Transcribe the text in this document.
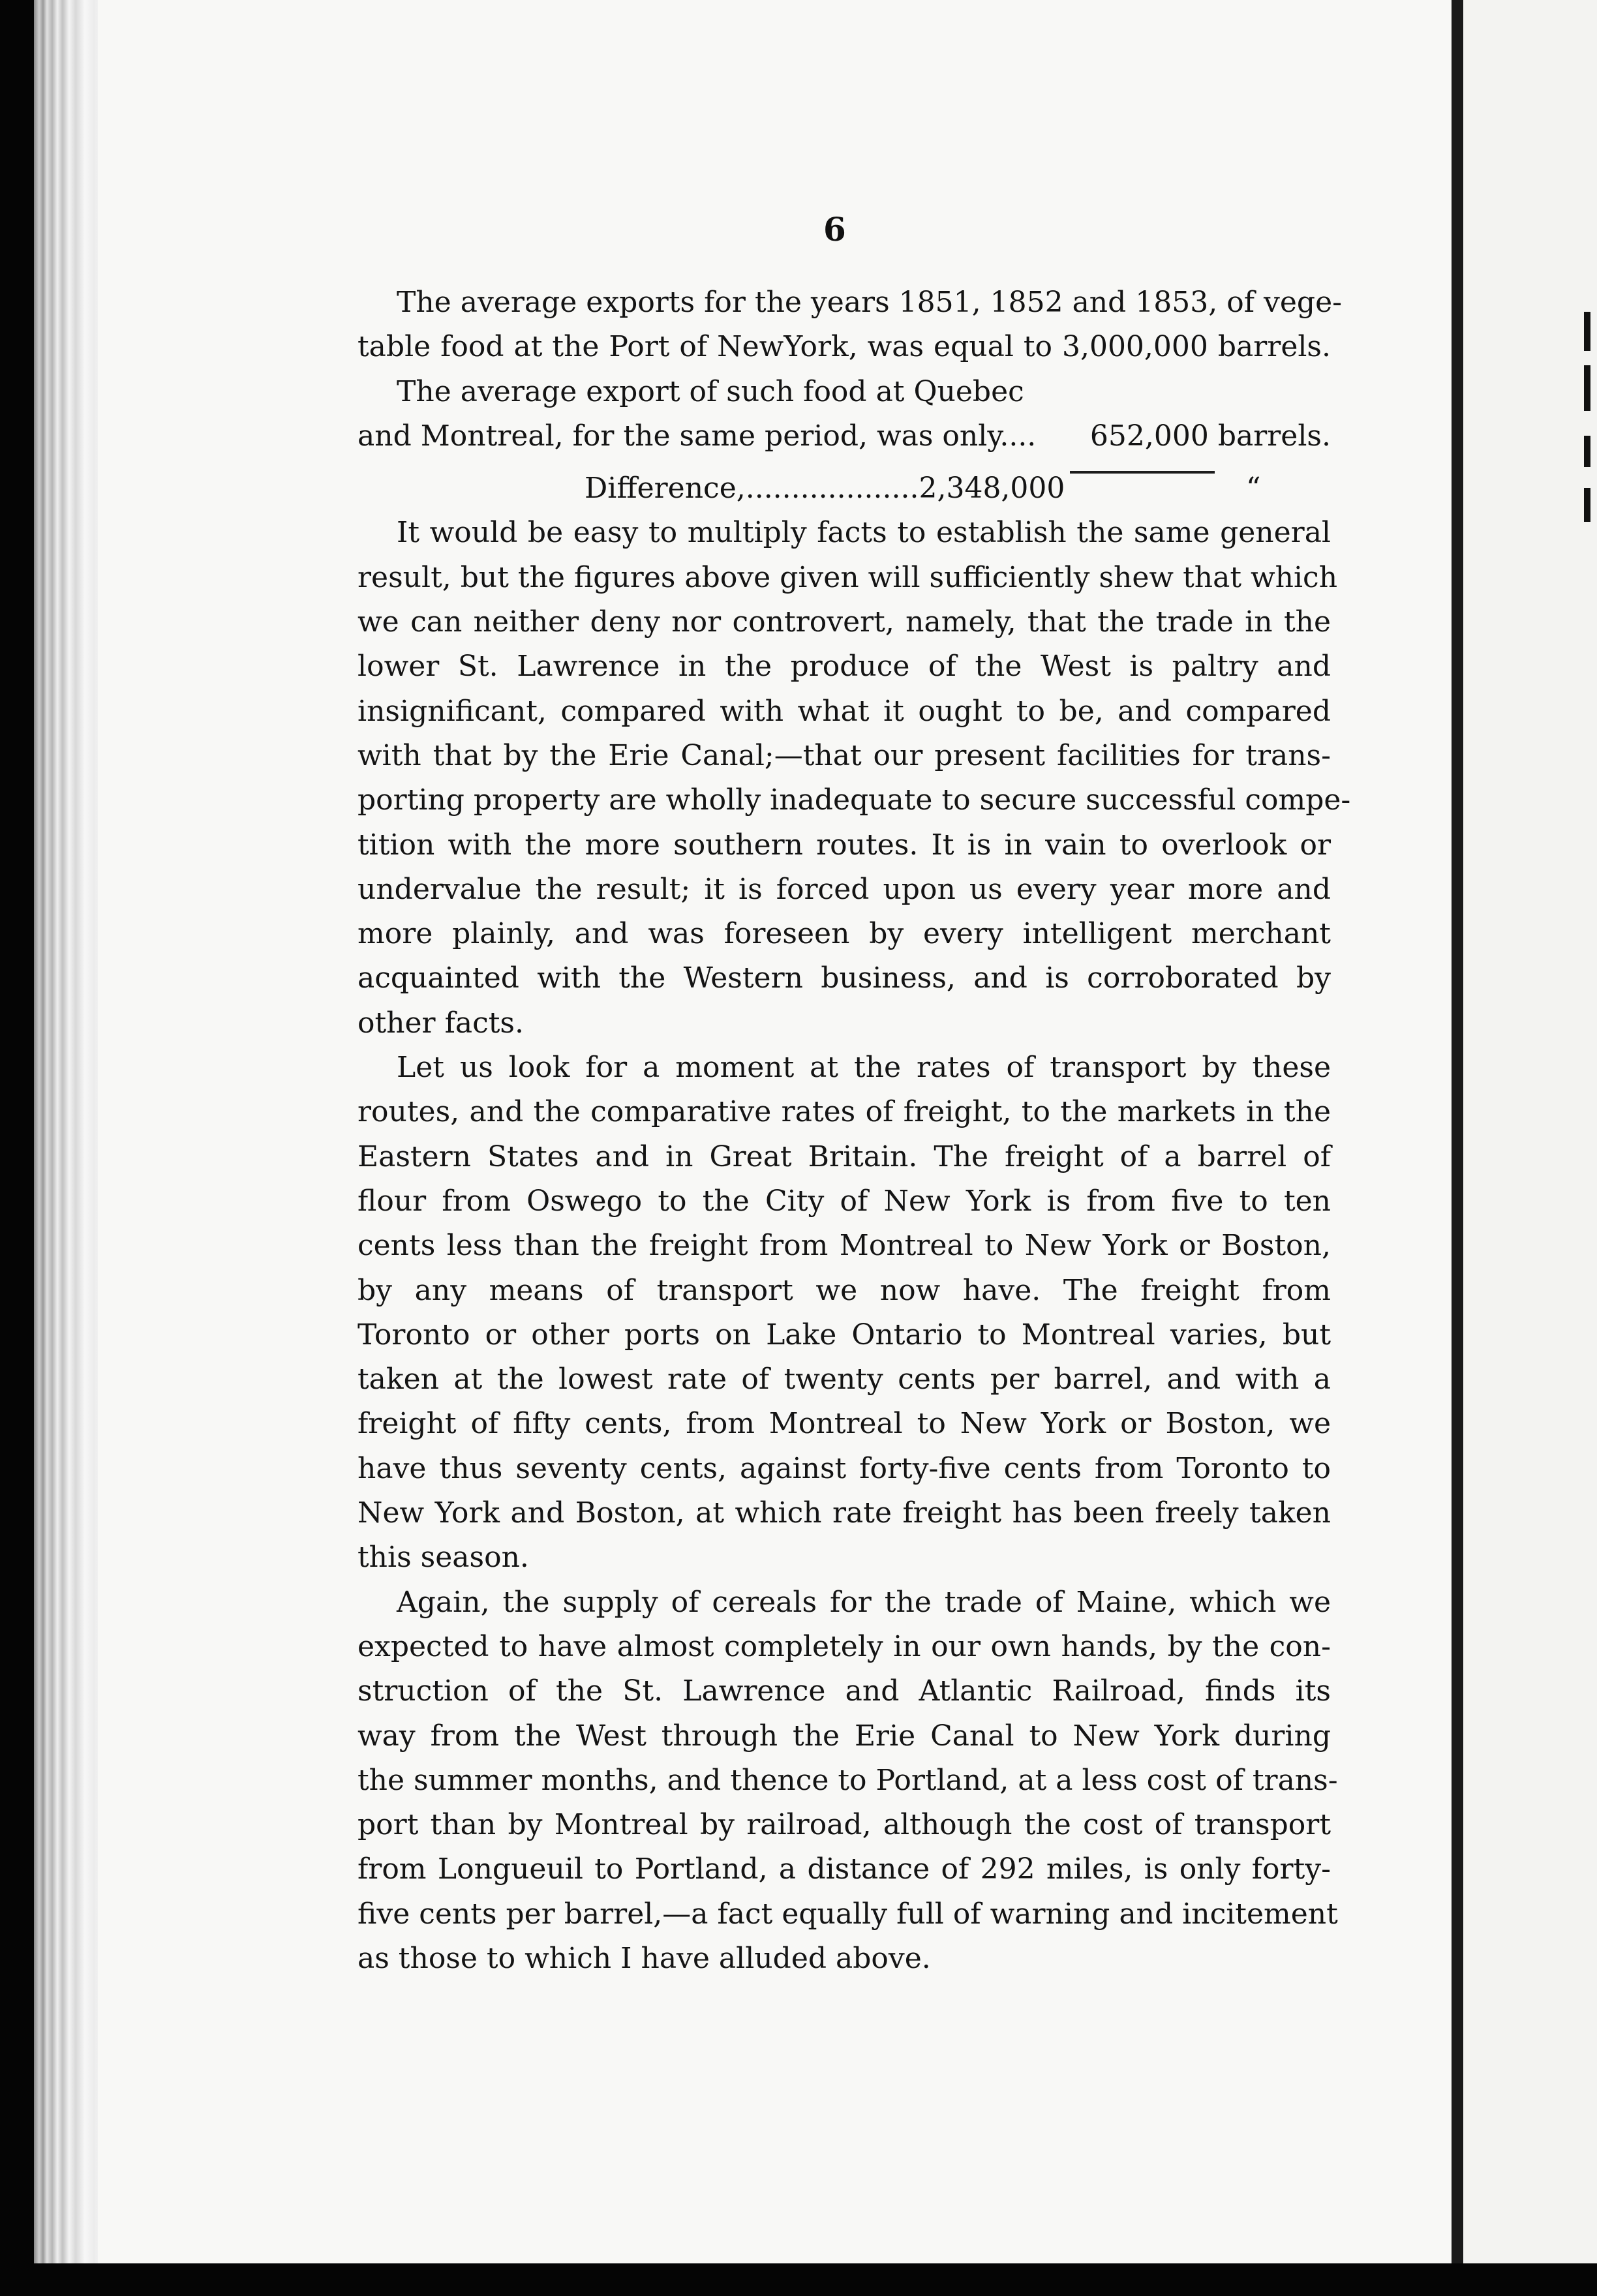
6
The average exports for the years 1851, 1852 and 1853, of vege-
table food at the Port of NewYork, was equal to 3,000,000 barrels.
The average export of such food at Quebec
and Montreal, for the same period, was only.... 652,000 barrels.
Difference,...................2,348,000	“
It would be easy to multiply facts to establish the same general
result, but the figures above given will sufficiently shew that which
we can neither deny nor controvert, namely, that the trade in the
lower St. Lawrence in the produce of the West is paltry and
insignificant, compared with what it ought to be, and compared
with that by the Erie Canal;—that our present facilities for trans-
porting property are wholly inadequate to secure successful compe-
tition with the more southern routes. It is in vain to overlook or
undervalue the result; it is forced upon us every year more and
more plainly, and was foreseen by every intelligent merchant
acquainted with the Western business, and is corroborated by
other facts.
Let us look for a moment at the rates of transport by these
routes, and the comparative rates of freight, to the markets in the
Eastern States and in Great Britain. The freight of a barrel of
flour from Oswego to the City of New York is from five to ten
cents less than the freight from Montreal to New York or Boston,
by any means of transport we now have. The freight from
Toronto or other ports on Lake Ontario to Montreal varies, but
taken at the lowest rate of twenty cents per barrel, and with a
freight of fifty cents, from Montreal to New York or Boston, we
have thus seventy cents, against forty-five cents from Toronto to
New York and Boston, at which rate freight has been freely taken
this season.
Again, the supply of cereals for the trade of Maine, which we
expected to have almost completely in our own hands, by the con-
struction of the St. Lawrence and Atlantic Railroad, finds its
way from the West through the Erie Canal to New York during
the summer months, and thence to Portland, at a less cost of trans-
port than by Montreal by railroad, although the cost of transport
from Longueuil to Portland, a distance of 292 miles, is only forty-
five cents per barrel,—a fact equally full of warning and incitement
as those to which I have alluded above.
